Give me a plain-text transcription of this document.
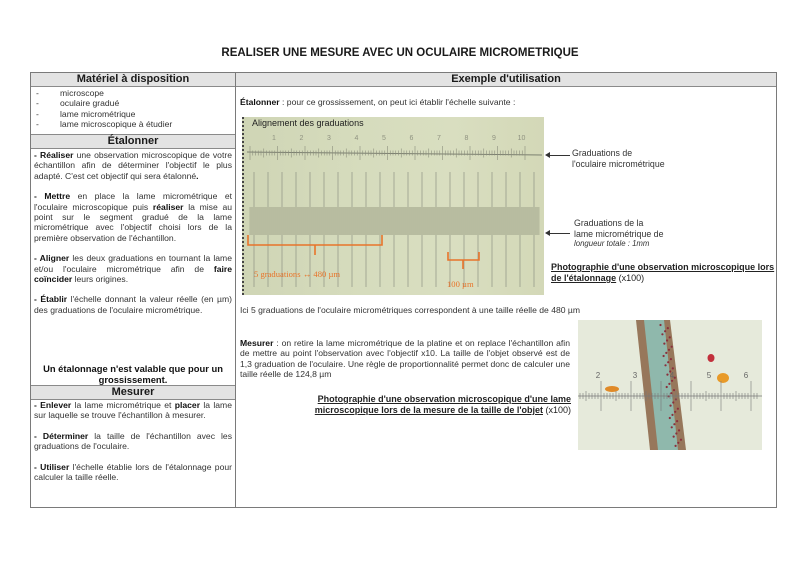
REALISER UNE MESURE AVEC UN OCULAIRE MICROMETRIQUE
Matériel à disposition	Exemple d'utilisation
- microscope
- oculaire gradué
- lame micrométrique
- lame microscopique à étudier
Étalonner

- Réaliser une observation microscopique de votre échantillon afin de déterminer l'objectif le plus adapté. C'est cet objectif qui sera étalonné.

- Mettre en place la lame micrométrique et l'oculaire microscopique puis réaliser la mise au point sur le segment gradué de la lame micrométrique avec l'objectif choisi lors de la première observation de l'échantillon.

- Aligner les deux graduations en tournant la lame et/ou l'oculaire micrométrique afin de faire coïncider leurs origines.

- Établir l'échelle donnant la valeur réelle (en µm) des graduations de l'oculaire micrométrique.

Un étalonnage n'est valable que pour un grossissement.
Mesurer

- Enlever la lame micrométrique et placer la lame sur laquelle se trouve l'échantillon à mesurer.

- Déterminer la taille de l'échantillon avec les graduations de l'oculaire.

- Utiliser l'échelle établie lors de l'étalonnage pour calculer la taille réelle.

Étalonner : pour ce grossissement, on peut ici établir l'échelle suivante :
Alignement des graduations
1	2	3	4	5	6	7	8	9	10
5 graduations ↔ 480 µm
100 µm
Graduations de
l'oculaire micrométrique
Graduations de la
lame micrométrique de
longueur totale : 1mm
Photographie d'une observation microscopique lors de l'étalonnage (x100)
Ici 5 graduations de l'oculaire micrométriques correspondent à une taille réelle de 480 µm
Mesurer : on retire la lame micrométrique de la platine et on replace l'échantillon afin de mettre au point l'observation avec l'objectif x10. La taille de l'objet observé est de 1,3 graduation de l'oculaire. Une règle de proportionnalité permet donc de calculer une taille réelle de 124,8 µm
Photographie d'une observation microscopique d'une lame microscopique lors de la mesure de la taille de l'objet (x100)
2	3	4	5	6
